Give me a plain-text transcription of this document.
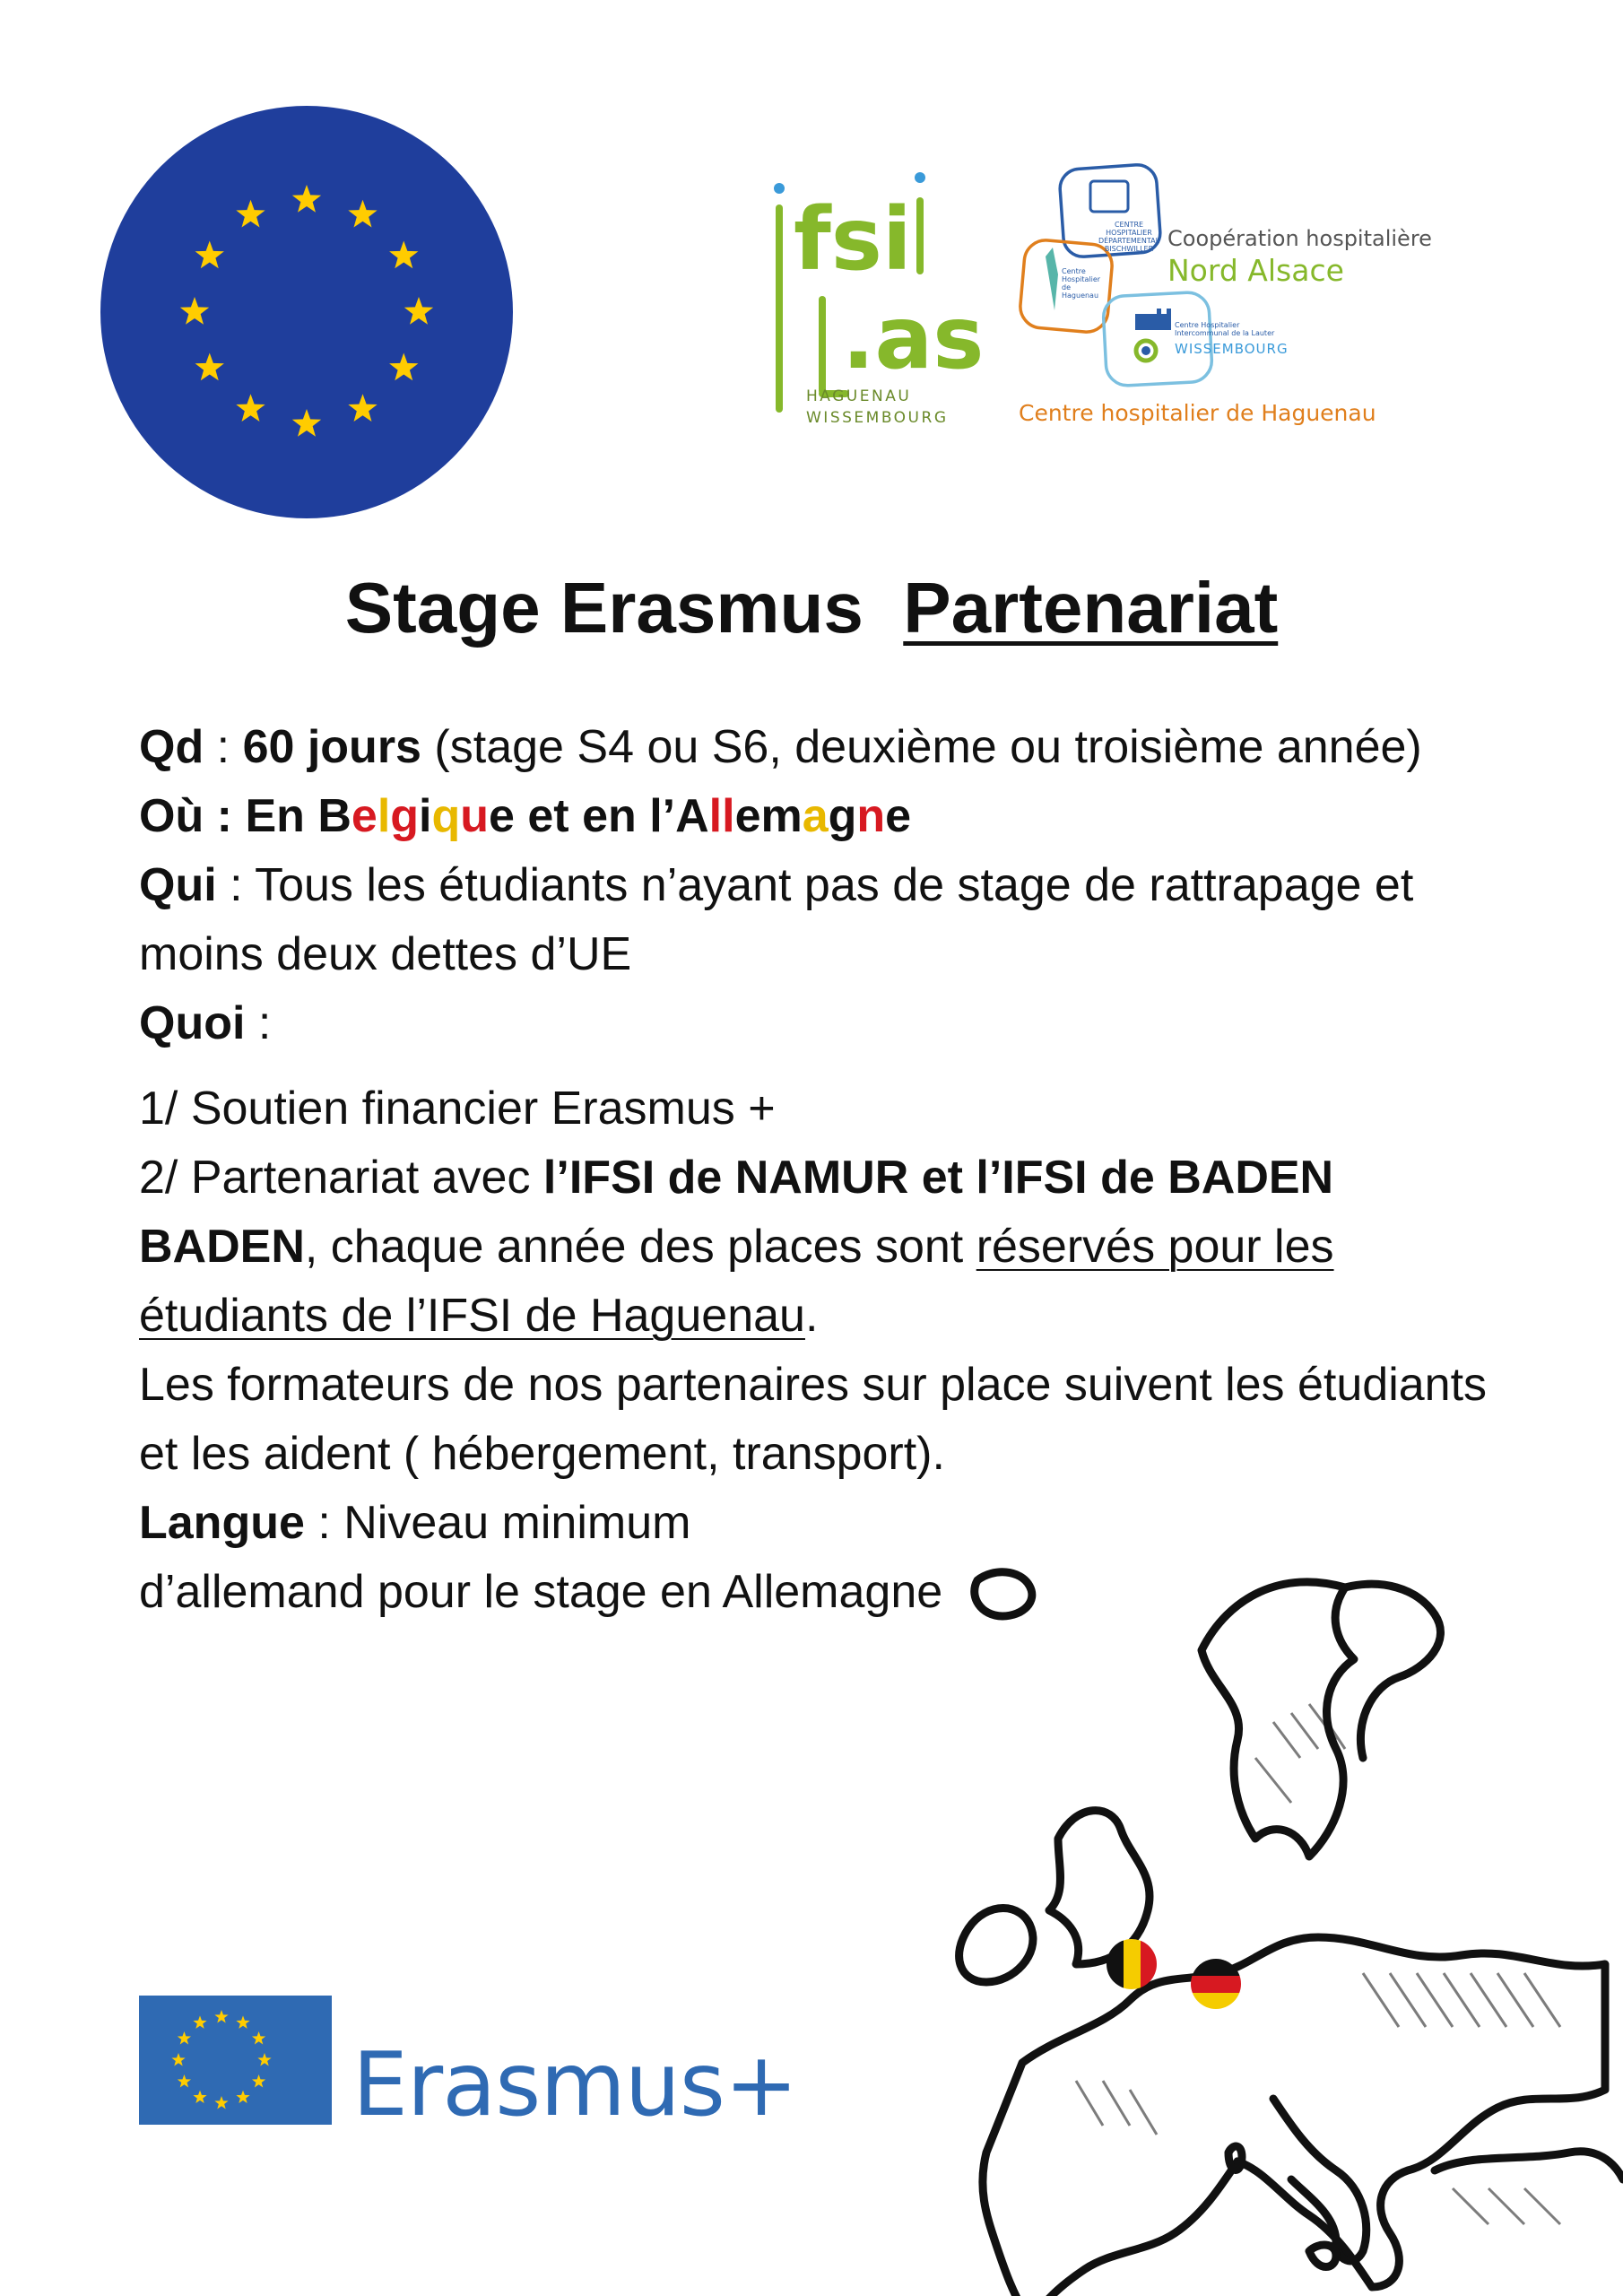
fsi
.as
HAGUENAU
WISSEMBOURG
CENTRE HOSPITALIER DÉPARTEMENTAL BISCHWILLER
Centre Hospitalier de Haguenau
Centre Hospitalier Intercommunal de la Lauter
WISSEMBOURG
Coopération hospitalière
Nord Alsace
Centre hospitalier de Haguenau
Stage Erasmus Partenariat

Qd : 60 jours (stage S4 ou S6, deuxième ou troisième année)

Où : En Belgique et en l’Allemagne

Qui : Tous les étudiants n’ayant pas de stage de rattrapage et moins deux dettes d’UE

Quoi :

1/ Soutien financier Erasmus +

2/ Partenariat avec l’IFSI de NAMUR et l’IFSI de BADEN BADEN, chaque année des places sont réservés pour les étudiants de l’IFSI de Haguenau.

Les formateurs de nos partenaires sur place suivent les étudiants et les aident ( hébergement, transport).

Langue : Niveau minimum

d’allemand pour le stage en Allemagne

Erasmus+
